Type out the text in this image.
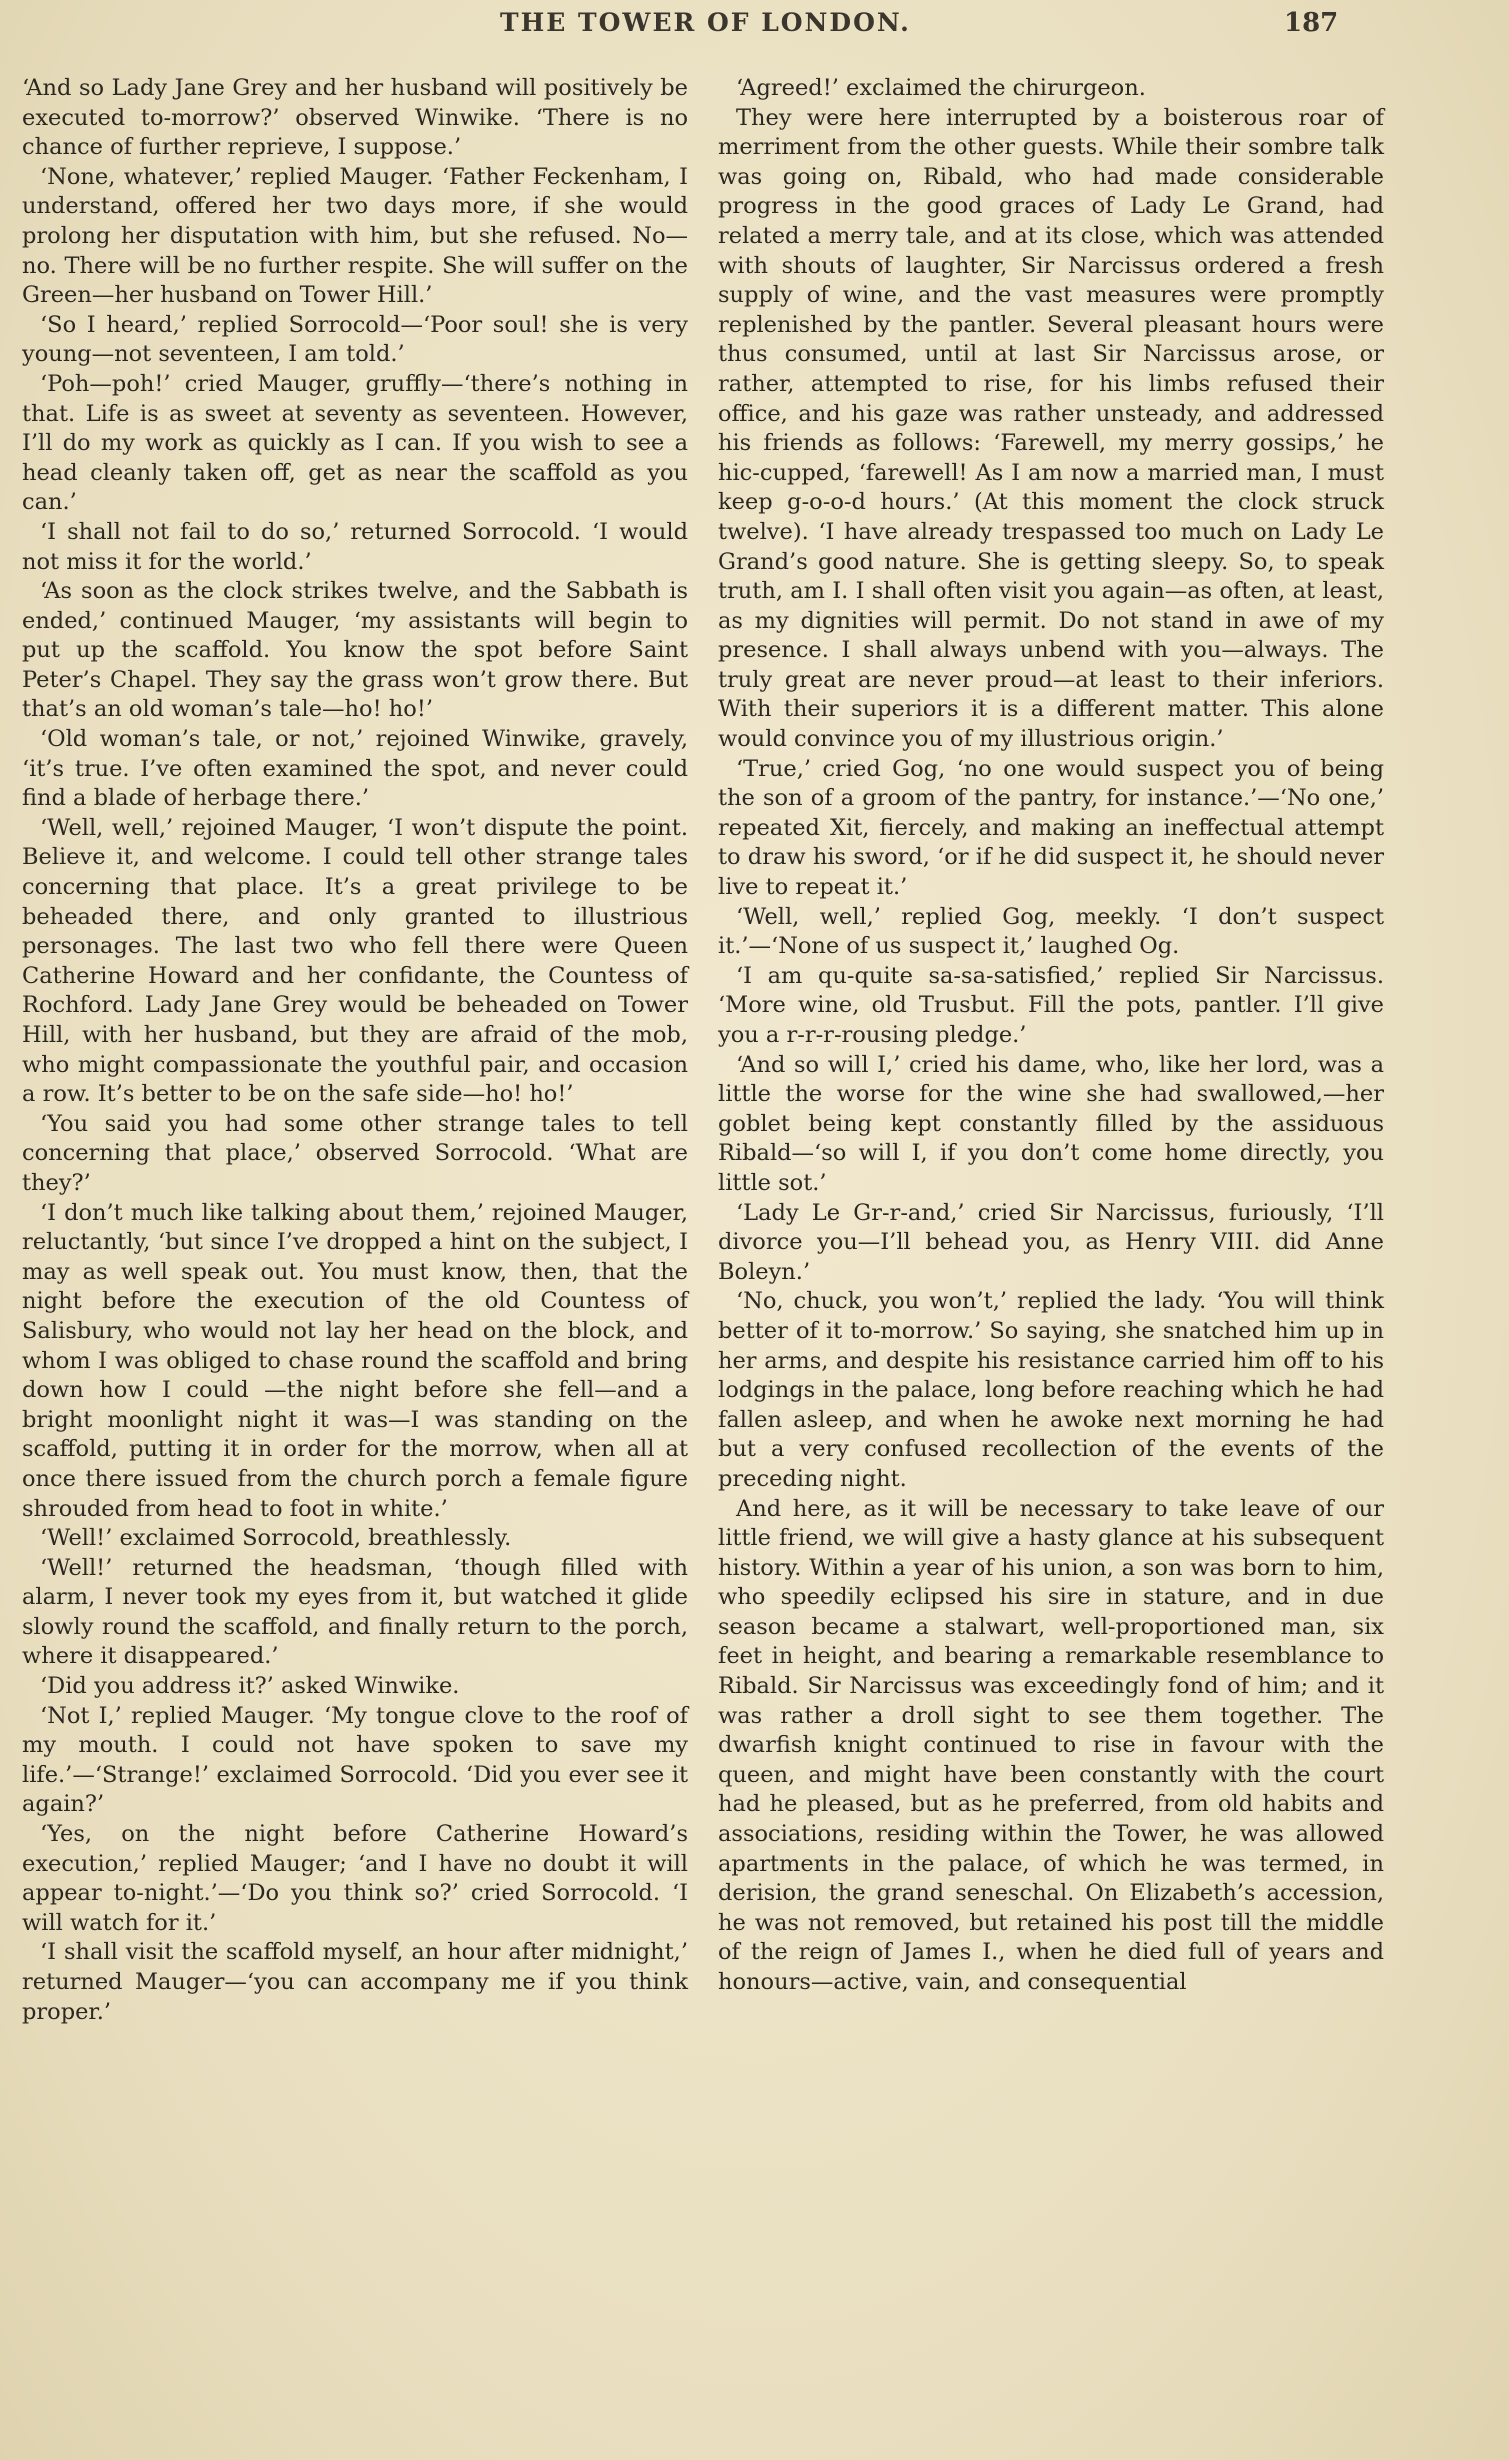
THE TOWER OF LONDON.	187

‘And so Lady Jane Grey and her husband will positively be executed to-morrow?’ observed Winwike. ‘There is no chance of further reprieve, I suppose.’

‘None, whatever,’ replied Mauger. ‘Father Feckenham, I understand, offered her two days more, if she would prolong her disputation with him, but she refused. No—no. There will be no further respite. She will suffer on the Green—her husband on Tower Hill.’

‘So I heard,’ replied Sorrocold—‘Poor soul! she is very young—not seventeen, I am told.’

‘Poh—poh!’ cried Mauger, gruffly—‘there’s nothing in that. Life is as sweet at seventy as seventeen. However, I’ll do my work as quickly as I can. If you wish to see a head cleanly taken off, get as near the scaffold as you can.’

‘I shall not fail to do so,’ returned Sorrocold. ‘I would not miss it for the world.’

‘As soon as the clock strikes twelve, and the Sabbath is ended,’ continued Mauger, ‘my assistants will begin to put up the scaffold. You know the spot before Saint Peter’s Chapel. They say the grass won’t grow there. But that’s an old woman’s tale—ho! ho!’

‘Old woman’s tale, or not,’ rejoined Winwike, gravely, ‘it’s true. I’ve often examined the spot, and never could find a blade of herbage there.’

‘Well, well,’ rejoined Mauger, ‘I won’t dispute the point. Believe it, and welcome. I could tell other strange tales concerning that place. It’s a great privilege to be beheaded there, and only granted to illustrious personages. The last two who fell there were Queen Catherine Howard and her confidante, the Countess of Rochford. Lady Jane Grey would be beheaded on Tower Hill, with her husband, but they are afraid of the mob, who might compassionate the youthful pair, and occasion a row. It’s better to be on the safe side—ho! ho!’

‘You said you had some other strange tales to tell concerning that place,’ observed Sorrocold. ‘What are they?’

‘I don’t much like talking about them,’ rejoined Mauger, reluctantly, ‘but since I’ve dropped a hint on the subject, I may as well speak out. You must know, then, that the night before the execution of the old Countess of Salisbury, who would not lay her head on the block, and whom I was obliged to chase round the scaffold and bring down how I could —the night before she fell—and a bright moonlight night it was—I was standing on the scaffold, putting it in order for the morrow, when all at once there issued from the church porch a female figure shrouded from head to foot in white.’

‘Well!’ exclaimed Sorrocold, breathlessly.

‘Well!’ returned the headsman, ‘though filled with alarm, I never took my eyes from it, but watched it glide slowly round the scaffold, and finally return to the porch, where it disappeared.’

‘Did you address it?’ asked Winwike.

‘Not I,’ replied Mauger. ‘My tongue clove to the roof of my mouth. I could not have spoken to save my life.’—‘Strange!’ exclaimed Sorrocold. ‘Did you ever see it again?’

‘Yes, on the night before Catherine Howard’s execution,’ replied Mauger; ‘and I have no doubt it will appear to-night.’—‘Do you think so?’ cried Sorrocold. ‘I will watch for it.’

‘I shall visit the scaffold myself, an hour after midnight,’ returned Mauger—‘you can accompany me if you think proper.’

‘Agreed!’ exclaimed the chirurgeon.

They were here interrupted by a boisterous roar of merriment from the other guests. While their sombre talk was going on, Ribald, who had made considerable progress in the good graces of Lady Le Grand, had related a merry tale, and at its close, which was attended with shouts of laughter, Sir Narcissus ordered a fresh supply of wine, and the vast measures were promptly replenished by the pantler. Several pleasant hours were thus consumed, until at last Sir Narcissus arose, or rather, attempted to rise, for his limbs refused their office, and his gaze was rather unsteady, and addressed his friends as follows: ‘Farewell, my merry gossips,’ he hic-cupped, ‘farewell! As I am now a married man, I must keep g-o-o-d hours.’ (At this moment the clock struck twelve). ‘I have already trespassed too much on Lady Le Grand’s good nature. She is getting sleepy. So, to speak truth, am I. I shall often visit you again—as often, at least, as my dignities will permit. Do not stand in awe of my presence. I shall always unbend with you—always. The truly great are never proud—at least to their inferiors. With their superiors it is a different matter. This alone would convince you of my illustrious origin.’

‘True,’ cried Gog, ‘no one would suspect you of being the son of a groom of the pantry, for instance.’—‘No one,’ repeated Xit, fiercely, and making an ineffectual attempt to draw his sword, ‘or if he did suspect it, he should never live to repeat it.’

‘Well, well,’ replied Gog, meekly. ‘I don’t suspect it.’—‘None of us suspect it,’ laughed Og.

‘I am qu-quite sa-sa-satisfied,’ replied Sir Narcissus. ‘More wine, old Trusbut. Fill the pots, pantler. I’ll give you a r-r-r-rousing pledge.’

‘And so will I,’ cried his dame, who, like her lord, was a little the worse for the wine she had swallowed,—her goblet being kept constantly filled by the assiduous Ribald—‘so will I, if you don’t come home directly, you little sot.’

‘Lady Le Gr-r-and,’ cried Sir Narcissus, furiously, ‘I’ll divorce you—I’ll behead you, as Henry VIII. did Anne Boleyn.’

‘No, chuck, you won’t,’ replied the lady. ‘You will think better of it to-morrow.’ So saying, she snatched him up in her arms, and despite his resistance carried him off to his lodgings in the palace, long before reaching which he had fallen asleep, and when he awoke next morning he had but a very confused recollection of the events of the preceding night.

And here, as it will be necessary to take leave of our little friend, we will give a hasty glance at his subsequent history. Within a year of his union, a son was born to him, who speedily eclipsed his sire in stature, and in due season became a stalwart, well-proportioned man, six feet in height, and bearing a remarkable resemblance to Ribald. Sir Narcissus was exceedingly fond of him; and it was rather a droll sight to see them together. The dwarfish knight continued to rise in favour with the queen, and might have been constantly with the court had he pleased, but as he preferred, from old habits and associations, residing within the Tower, he was allowed apartments in the palace, of which he was termed, in derision, the grand seneschal. On Elizabeth’s accession, he was not removed, but retained his post till the middle of the reign of James I., when he died full of years and honours—active, vain, and consequential
